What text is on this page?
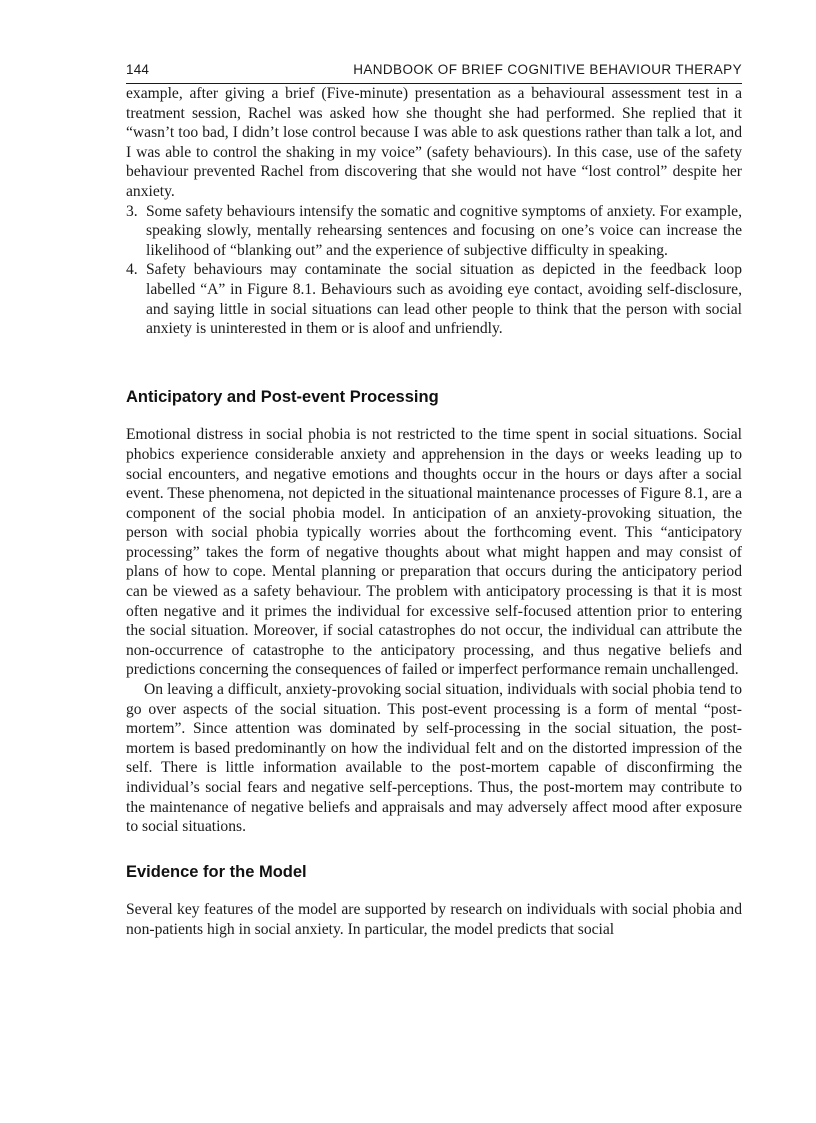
144	HANDBOOK OF BRIEF COGNITIVE BEHAVIOUR THERAPY

example, after giving a brief (Five-minute) presentation as a behavioural assessment test in a treatment session, Rachel was asked how she thought she had performed. She replied that it “wasn’t too bad, I didn’t lose control because I was able to ask questions rather than talk a lot, and I was able to control the shaking in my voice” (safety behaviours). In this case, use of the safety behaviour prevented Rachel from discovering that she would not have “lost control” despite her anxiety.

3. Some safety behaviours intensify the somatic and cognitive symptoms of anxiety. For example, speaking slowly, mentally rehearsing sentences and focusing on one’s voice can increase the likelihood of “blanking out” and the experience of subjective difficulty in speaking.
4. Safety behaviours may contaminate the social situation as depicted in the feedback loop labelled “A” in Figure 8.1. Behaviours such as avoiding eye contact, avoiding self-disclosure, and saying little in social situations can lead other people to think that the person with social anxiety is uninterested in them or is aloof and unfriendly.
Anticipatory and Post-event Processing

Emotional distress in social phobia is not restricted to the time spent in social situations. Social phobics experience considerable anxiety and apprehension in the days or weeks leading up to social encounters, and negative emotions and thoughts occur in the hours or days after a social event. These phenomena, not depicted in the situational maintenance processes of Figure 8.1, are a component of the social phobia model. In anticipation of an anxiety-provoking situation, the person with social phobia typically worries about the forthcoming event. This “anticipatory processing” takes the form of negative thoughts about what might happen and may consist of plans of how to cope. Mental planning or preparation that occurs during the anticipatory period can be viewed as a safety behaviour. The problem with anticipatory processing is that it is most often negative and it primes the individual for excessive self-focused attention prior to entering the social situation. Moreover, if social catastrophes do not occur, the individual can attribute the non-occurrence of catastrophe to the anticipatory processing, and thus negative beliefs and predictions concerning the consequences of failed or imperfect performance remain unchallenged.

On leaving a difficult, anxiety-provoking social situation, individuals with social phobia tend to go over aspects of the social situation. This post-event processing is a form of mental “post-mortem”. Since attention was dominated by self-processing in the social situation, the post-mortem is based predominantly on how the individual felt and on the distorted impression of the self. There is little information available to the post-mortem capable of disconfirming the individual’s social fears and negative self-perceptions. Thus, the post-mortem may contribute to the maintenance of negative beliefs and appraisals and may adversely affect mood after exposure to social situations.

Evidence for the Model

Several key features of the model are supported by research on individuals with social phobia and non-patients high in social anxiety. In particular, the model predicts that social
